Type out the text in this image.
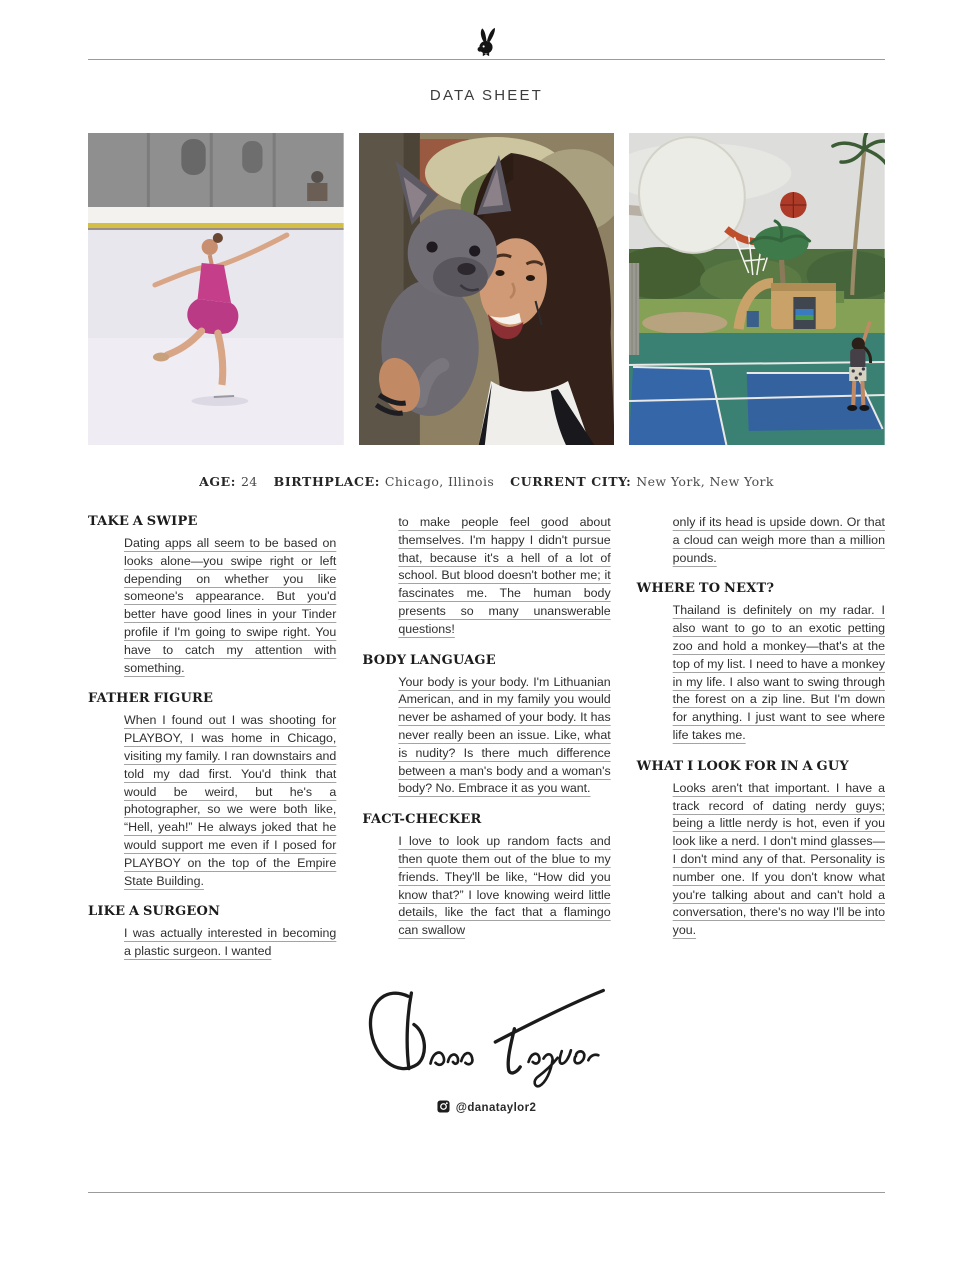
DATA SHEET
AGE: 24 BIRTHPLACE: Chicago, Illinois CURRENT CITY: New York, New York
TAKE A SWIPE

Dating apps all seem to be based on looks alone—you swipe right or left depending on whether you like someone's appearance. But you'd better have good lines in your Tinder profile if I'm going to swipe right. You have to catch my attention with something.

FATHER FIGURE

When I found out I was shooting for PLAYBOY, I was home in Chicago, visiting my family. I ran downstairs and told my dad first. You'd think that would be weird, but he's a photographer, so we were both like, “Hell, yeah!” He always joked that he would support me even if I posed for PLAYBOY on the top of the Empire State Building.

LIKE A SURGEON

I was actually interested in becoming a plastic surgeon. I wanted

to make people feel good about themselves. I'm happy I didn't pursue that, because it's a hell of a lot of school. But blood doesn't bother me; it fascinates me. The human body presents so many unanswerable questions!

BODY LANGUAGE

Your body is your body. I'm Lithuanian American, and in my family you would never be ashamed of your body. It has never really been an issue. Like, what is nudity? Is there much difference between a man's body and a woman's body? No. Embrace it as you want.

FACT-CHECKER

I love to look up random facts and then quote them out of the blue to my friends. They'll be like, “How did you know that?” I love knowing weird little details, like the fact that a flamingo can swallow

only if its head is upside down. Or that a cloud can weigh more than a million pounds.

WHERE TO NEXT?

Thailand is definitely on my radar. I also want to go to an exotic petting zoo and hold a monkey—that's at the top of my list. I need to have a monkey in my life. I also want to swing through the forest on a zip line. But I'm down for anything. I just want to see where life takes me.

WHAT I LOOK FOR IN A GUY

Looks aren't that important. I have a track record of dating nerdy guys; being a little nerdy is hot, even if you look like a nerd. I don't mind glasses—I don't mind any of that. Personality is number one. If you don't know what you're talking about and can't hold a conversation, there's no way I'll be into you.

@danataylor2
